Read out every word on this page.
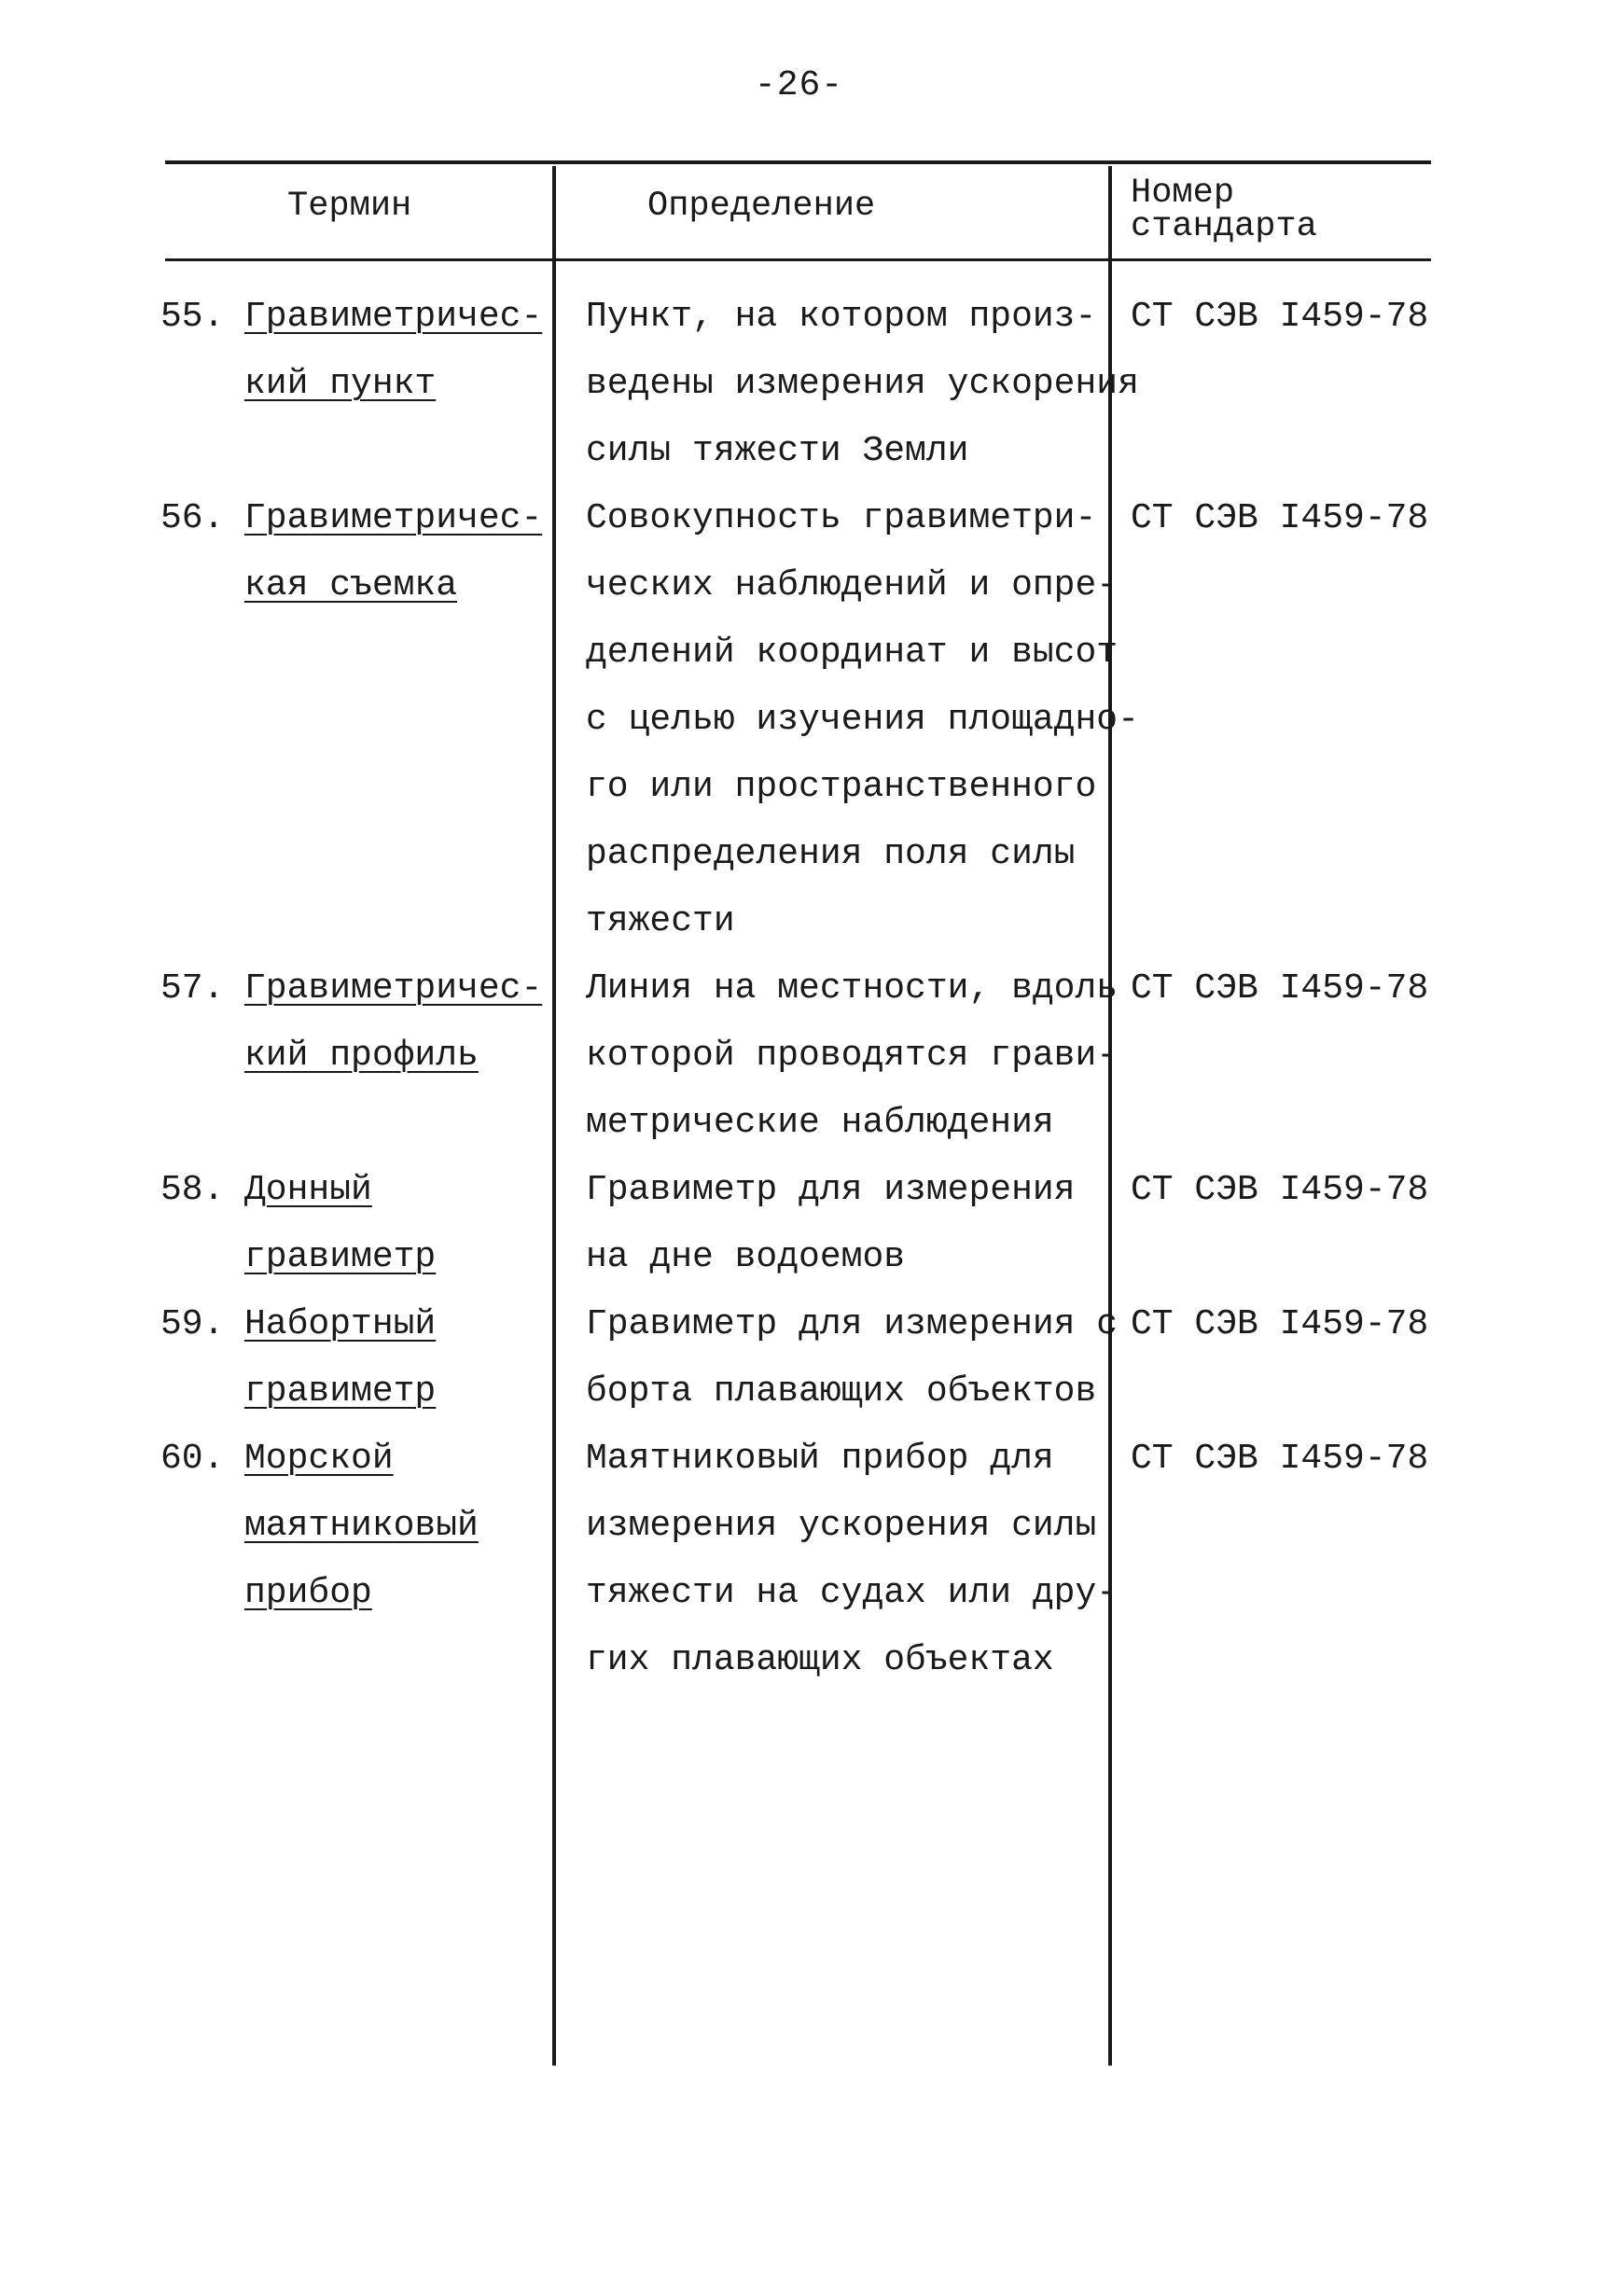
-26-
Термин	Определение	Номер
стандарта
55. Гравиметричес-
кий пункт
Пункт, на котором произ-
ведены измерения ускорения
силы тяжести Земли
СТ СЭВ I459-78
56. Гравиметричес-
кая съемка
Совокупность гравиметри-
ческих наблюдений и опре-
делений координат и высот
с целью изучения площадно-
го или пространственного
распределения поля силы
тяжести
СТ СЭВ I459-78
57. Гравиметричес-
кий профиль
Линия на местности, вдоль
которой проводятся грави-
метрические наблюдения
СТ СЭВ I459-78
58. Донный
гравиметр
Гравиметр для измерения
на дне водоемов
СТ СЭВ I459-78
59. Набортный
гравиметр
Гравиметр для измерения с
борта плавающих объектов
СТ СЭВ I459-78
60. Морской
маятниковый
прибор
Маятниковый прибор для
измерения ускорения силы
тяжести на судах или дру-
гих плавающих объектах
СТ СЭВ I459-78
